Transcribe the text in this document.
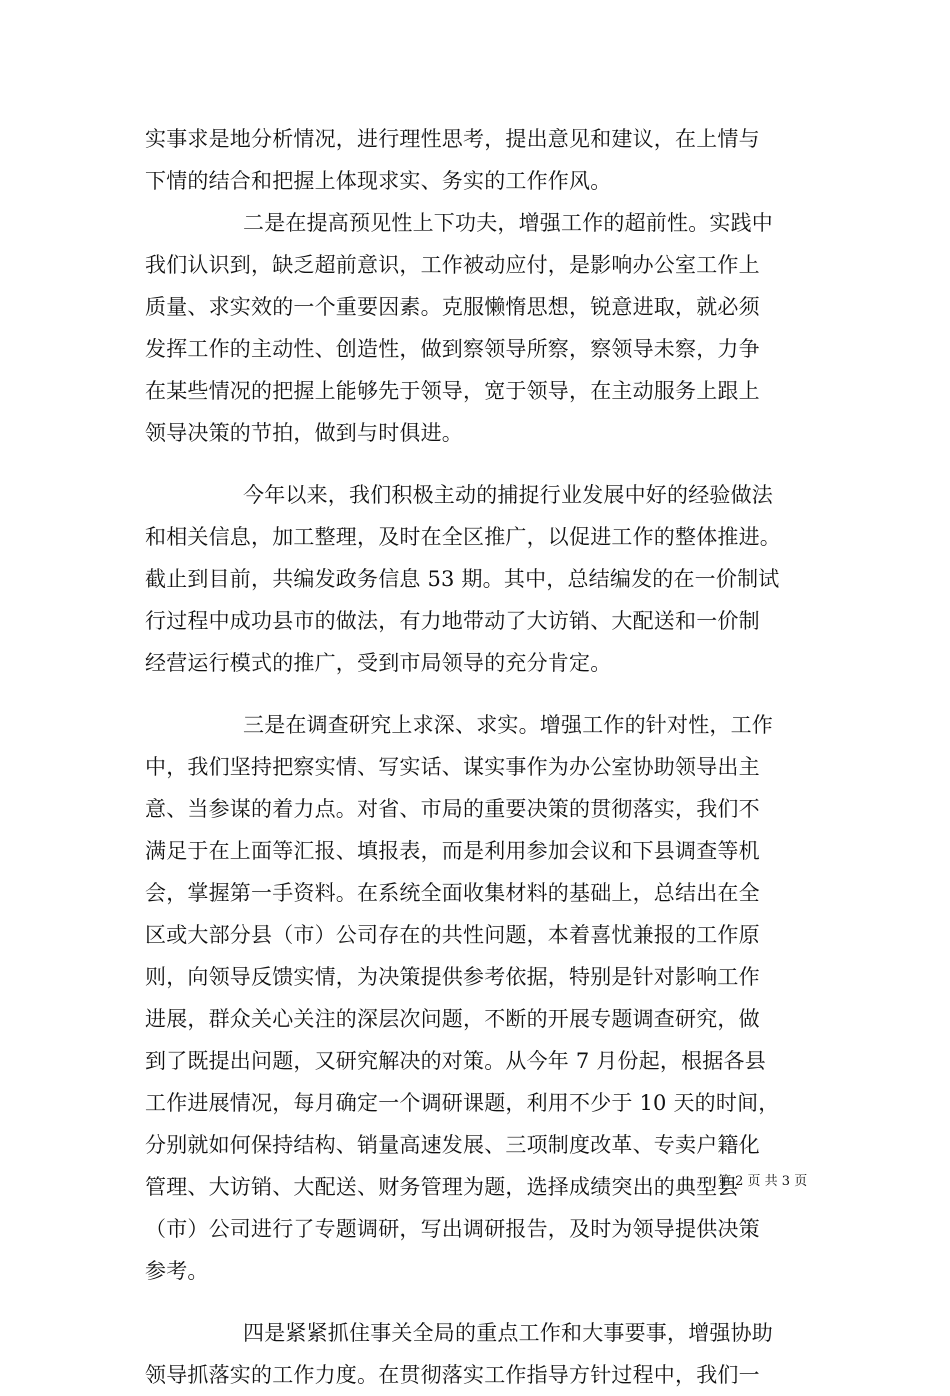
实事求是地分析情况，进行理性思考，提出意见和建议，在上情与
下情的结合和把握上体现求实、务实的工作作风。
二是在提高预见性上下功夫，增强工作的超前性。实践中
我们认识到，缺乏超前意识，工作被动应付，是影响办公室工作上
质量、求实效的一个重要因素。克服懒惰思想，锐意进取，就必须
发挥工作的主动性、创造性，做到察领导所察，察领导未察，力争
在某些情况的把握上能够先于领导，宽于领导，在主动服务上跟上
领导决策的节拍，做到与时俱进。
今年以来，我们积极主动的捕捉行业发展中好的经验做法
和相关信息，加工整理，及时在全区推广，以促进工作的整体推进。
截止到目前，共编发政务信息 53 期。其中，总结编发的在一价制试
行过程中成功县市的做法，有力地带动了大访销、大配送和一价制
经营运行模式的推广，受到市局领导的充分肯定。
三是在调查研究上求深、求实。增强工作的针对性，工作
中，我们坚持把察实情、写实话、谋实事作为办公室协助领导出主
意、当参谋的着力点。对省、市局的重要决策的贯彻落实，我们不
满足于在上面等汇报、填报表，而是利用参加会议和下县调查等机
会，掌握第一手资料。在系统全面收集材料的基础上，总结出在全
区或大部分县（市）公司存在的共性问题，本着喜忧兼报的工作原
则，向领导反馈实情，为决策提供参考依据，特别是针对影响工作
进展，群众关心关注的深层次问题，不断的开展专题调查研究，做
到了既提出问题，又研究解决的对策。从今年 7 月份起，根据各县
工作进展情况，每月确定一个调研课题，利用不少于 10 天的时间，
分别就如何保持结构、销量高速发展、三项制度改革、专卖户籍化
管理、大访销、大配送、财务管理为题，选择成绩突出的典型县
（市）公司进行了专题调研，写出调研报告，及时为领导提供决策
参考。
四是紧紧抓住事关全局的重点工作和大事要事，增强协助
领导抓落实的工作力度。在贯彻落实工作指导方针过程中，我们一
第 2 页 共 3 页
